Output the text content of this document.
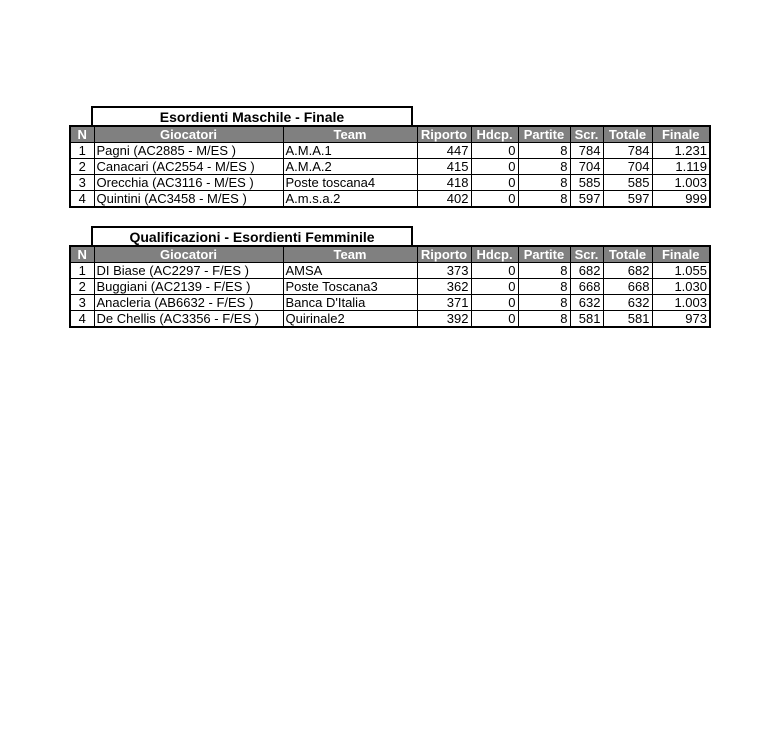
Esordienti Maschile - Finale
N	Giocatori	Team	Riporto	Hdcp.	Partite	Scr.	Totale	Finale
1	Pagni (AC2885 - M/ES )	A.M.A.1	447	0	8	784	784	1.231
2	Canacari (AC2554 - M/ES )	A.M.A.2	415	0	8	704	704	1.119
3	Orecchia (AC3116 - M/ES )	Poste toscana4	418	0	8	585	585	1.003
4	Quintini (AC3458 - M/ES )	A.m.s.a.2	402	0	8	597	597	999
Qualificazioni - Esordienti Femminile
N	Giocatori	Team	Riporto	Hdcp.	Partite	Scr.	Totale	Finale
1	DI Biase (AC2297 - F/ES )	AMSA	373	0	8	682	682	1.055
2	Buggiani (AC2139 - F/ES )	Poste Toscana3	362	0	8	668	668	1.030
3	Anacleria (AB6632 - F/ES )	Banca D'Italia	371	0	8	632	632	1.003
4	De Chellis (AC3356 - F/ES )	Quirinale2	392	0	8	581	581	973
